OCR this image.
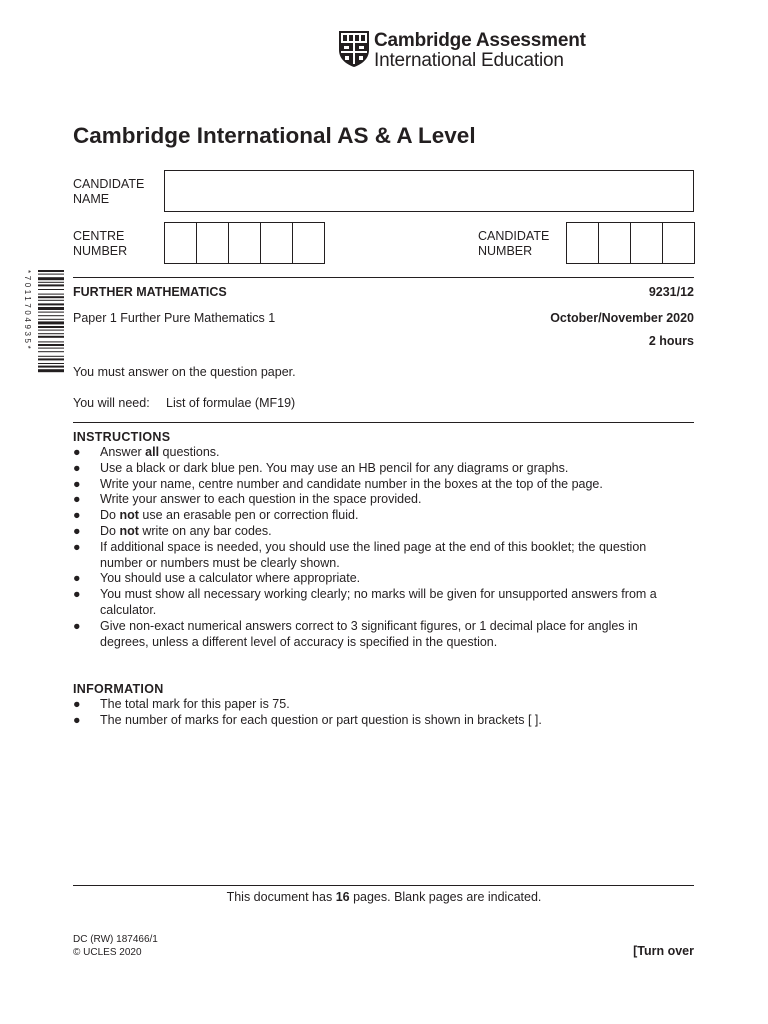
Cambridge Assessment
International Education
Cambridge International AS & A Level
CANDIDATE
NAME
CENTRE
NUMBER
CANDIDATE
NUMBER
*7011704935*	FURTHER MATHEMATICS	9231/12
Paper 1 Further Pure Mathematics 1	October/November 2020
2 hours
You must answer on the question paper.
You will need: List of formulae (MF19)
INSTRUCTIONS
● Answer all questions.
● Use a black or dark blue pen. You may use an HB pencil for any diagrams or graphs.
● Write your name, centre number and candidate number in the boxes at the top of the page.
● Write your answer to each question in the space provided.
● Do not use an erasable pen or correction fluid.
● Do not write on any bar codes.
● If additional space is needed, you should use the lined page at the end of this booklet; the question number or numbers must be clearly shown.
● You should use a calculator where appropriate.
● You must show all necessary working clearly; no marks will be given for unsupported answers from a calculator.
● Give non-exact numerical answers correct to 3 significant figures, or 1 decimal place for angles in degrees, unless a different level of accuracy is specified in the question.
INFORMATION
● The total mark for this paper is 75.
● The number of marks for each question or part question is shown in brackets [ ].
This document has 16 pages. Blank pages are indicated.
DC (RW) 187466/1
© UCLES 2020	[Turn over
